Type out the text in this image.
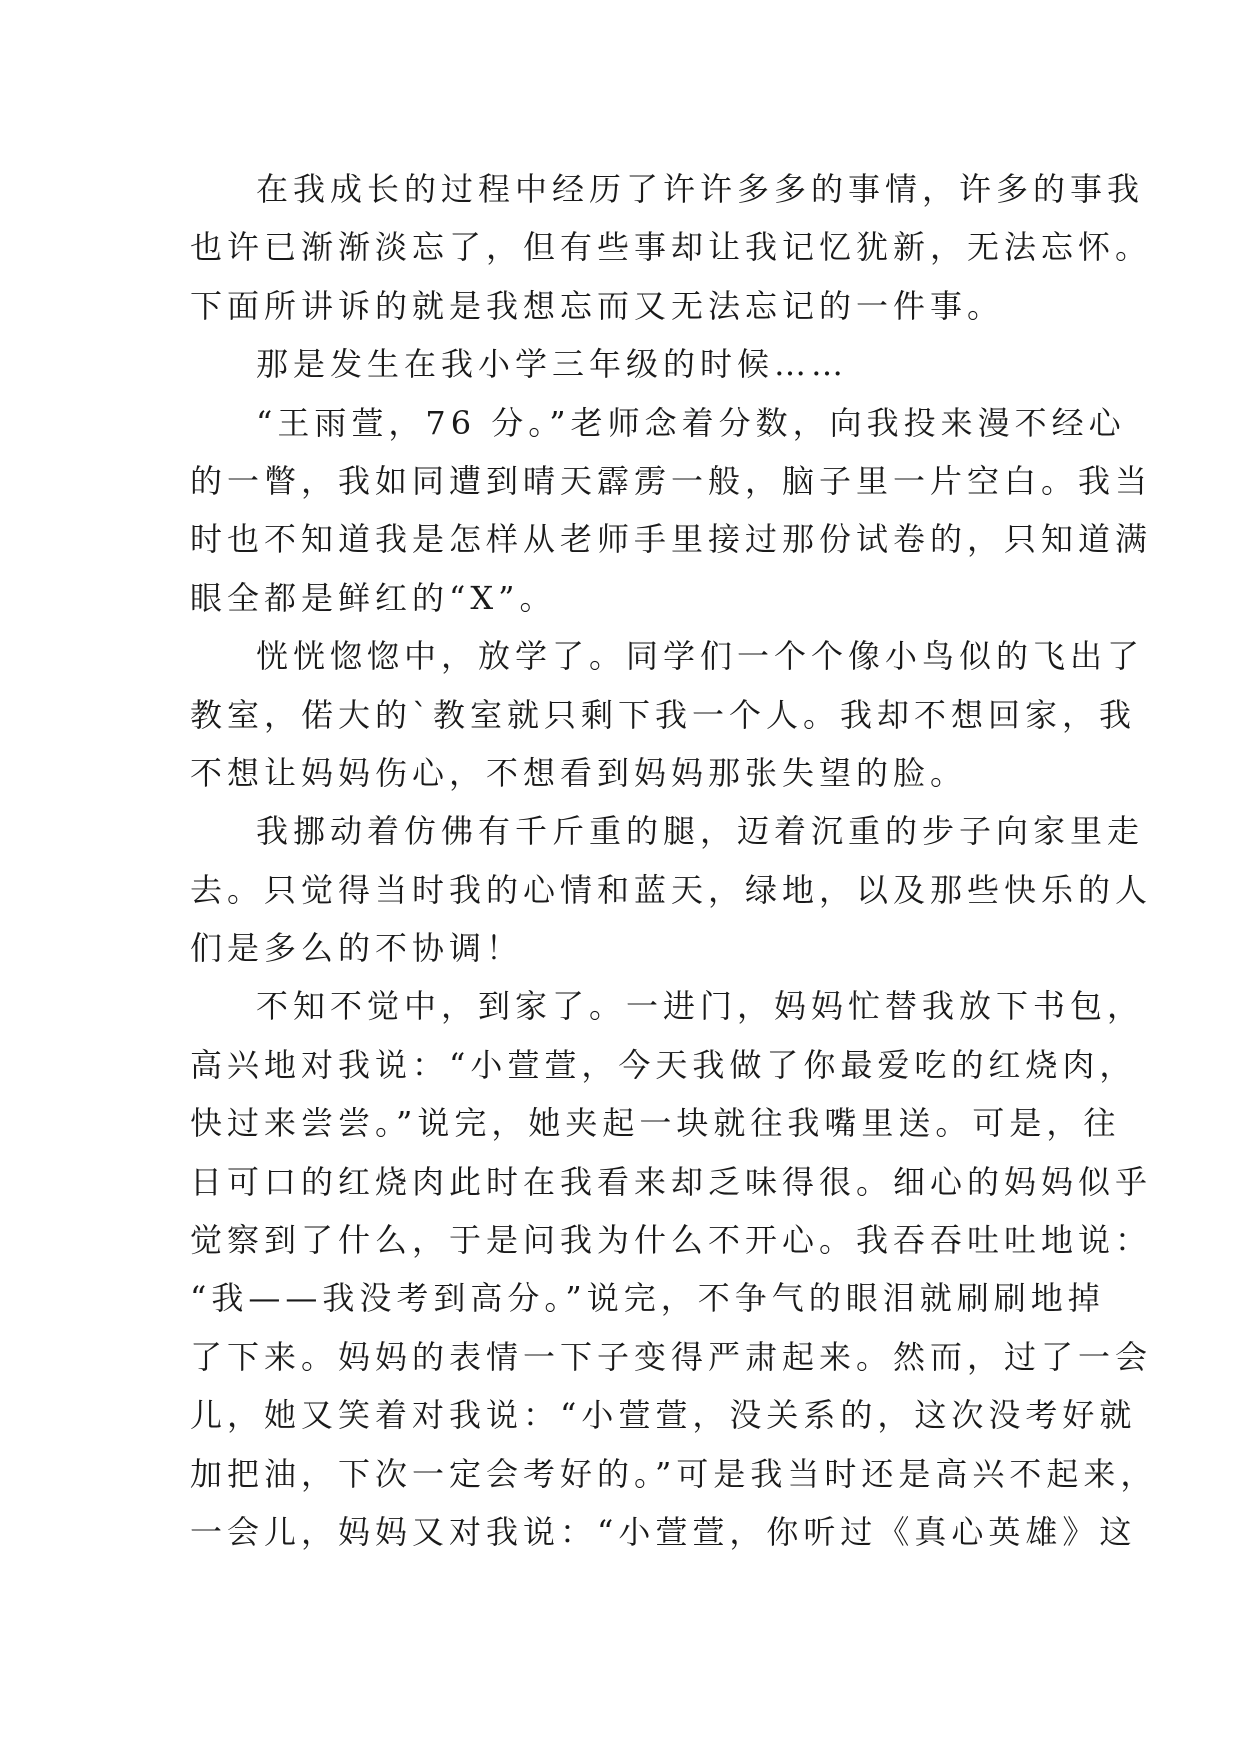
在我成长的过程中经历了许许多多的事情，许多的事我
也许已渐渐淡忘了，但有些事却让我记忆犹新，无法忘怀。
下面所讲诉的就是我想忘而又无法忘记的一件事。
那是发生在我小学三年级的时候……
“王雨萱，76 分。”老师念着分数，向我投来漫不经心
的一瞥，我如同遭到晴天霹雳一般，脑子里一片空白。我当
时也不知道我是怎样从老师手里接过那份试卷的，只知道满
眼全都是鲜红的“X”。
恍恍惚惚中，放学了。同学们一个个像小鸟似的飞出了
教室，偌大的`教室就只剩下我一个人。我却不想回家，我
不想让妈妈伤心，不想看到妈妈那张失望的脸。
我挪动着仿佛有千斤重的腿，迈着沉重的步子向家里走
去。只觉得当时我的心情和蓝天，绿地，以及那些快乐的人
们是多么的不协调！
不知不觉中，到家了。一进门，妈妈忙替我放下书包，
高兴地对我说：“小萱萱，今天我做了你最爱吃的红烧肉，
快过来尝尝。”说完，她夹起一块就往我嘴里送。可是，往
日可口的红烧肉此时在我看来却乏味得很。细心的妈妈似乎
觉察到了什么，于是问我为什么不开心。我吞吞吐吐地说：
“我——我没考到高分。”说完，不争气的眼泪就刷刷地掉
了下来。妈妈的表情一下子变得严肃起来。然而，过了一会
儿，她又笑着对我说：“小萱萱，没关系的，这次没考好就
加把油，下次一定会考好的。”可是我当时还是高兴不起来，
一会儿，妈妈又对我说：“小萱萱，你听过《真心英雄》这
